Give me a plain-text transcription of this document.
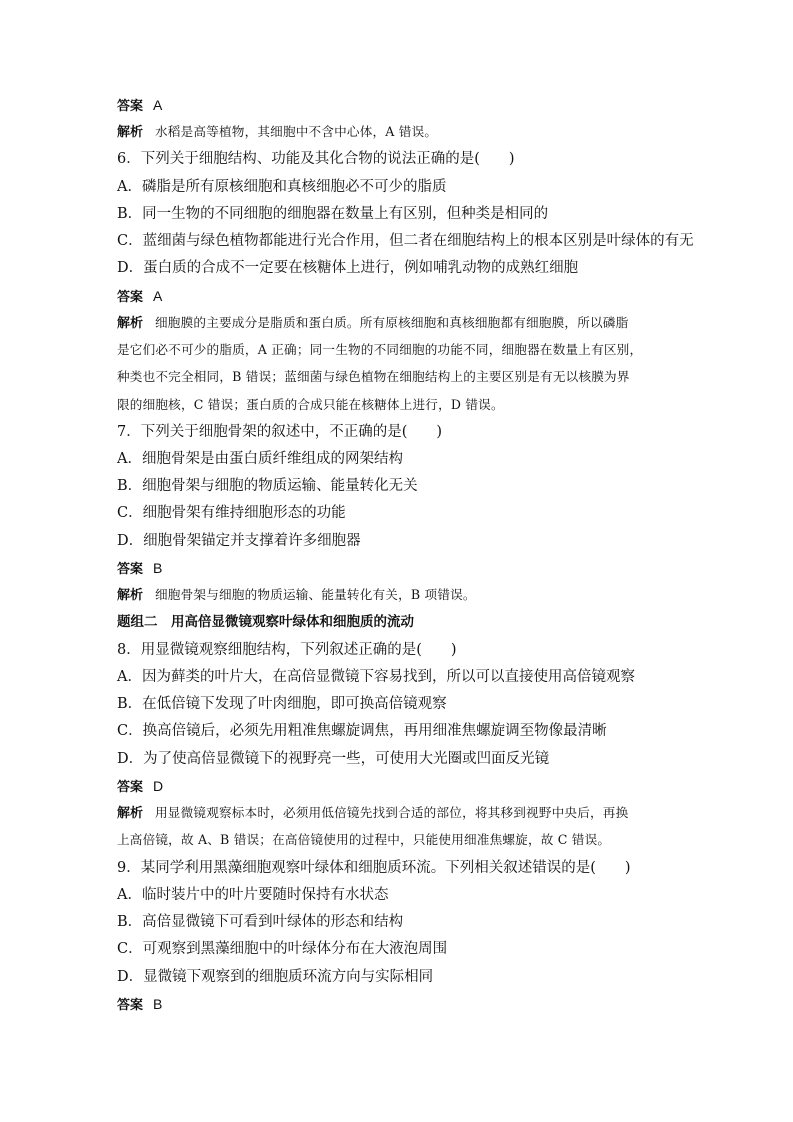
答案 A
解析 水稻是高等植物，其细胞中不含中心体，A 错误。
6．下列关于细胞结构、功能及其化合物的说法正确的是(　　)
A．磷脂是所有原核细胞和真核细胞必不可少的脂质
B．同一生物的不同细胞的细胞器在数量上有区别，但种类是相同的
C．蓝细菌与绿色植物都能进行光合作用，但二者在细胞结构上的根本区别是叶绿体的有无
D．蛋白质的合成不一定要在核糖体上进行，例如哺乳动物的成熟红细胞
答案 A
解析 细胞膜的主要成分是脂质和蛋白质。所有原核细胞和真核细胞都有细胞膜，所以磷脂
是它们必不可少的脂质，A 正确；同一生物的不同细胞的功能不同，细胞器在数量上有区别，
种类也不完全相同，B 错误；蓝细菌与绿色植物在细胞结构上的主要区别是有无以核膜为界
限的细胞核，C 错误；蛋白质的合成只能在核糖体上进行，D 错误。
7．下列关于细胞骨架的叙述中，不正确的是(　　)
A．细胞骨架是由蛋白质纤维组成的网架结构
B．细胞骨架与细胞的物质运输、能量转化无关
C．细胞骨架有维持细胞形态的功能
D．细胞骨架锚定并支撑着许多细胞器
答案 B
解析 细胞骨架与细胞的物质运输、能量转化有关，B 项错误。
题组二　用高倍显微镜观察叶绿体和细胞质的流动
8．用显微镜观察细胞结构，下列叙述正确的是(　　)
A．因为藓类的叶片大，在高倍显微镜下容易找到，所以可以直接使用高倍镜观察
B．在低倍镜下发现了叶肉细胞，即可换高倍镜观察
C．换高倍镜后，必须先用粗准焦螺旋调焦，再用细准焦螺旋调至物像最清晰
D．为了使高倍显微镜下的视野亮一些，可使用大光圈或凹面反光镜
答案 D
解析 用显微镜观察标本时，必须用低倍镜先找到合适的部位，将其移到视野中央后，再换
上高倍镜，故 A、B 错误；在高倍镜使用的过程中，只能使用细准焦螺旋，故 C 错误。
9．某同学利用黑藻细胞观察叶绿体和细胞质环流。下列相关叙述错误的是(　　)
A．临时装片中的叶片要随时保持有水状态
B．高倍显微镜下可看到叶绿体的形态和结构
C．可观察到黑藻细胞中的叶绿体分布在大液泡周围
D．显微镜下观察到的细胞质环流方向与实际相同
答案 B
